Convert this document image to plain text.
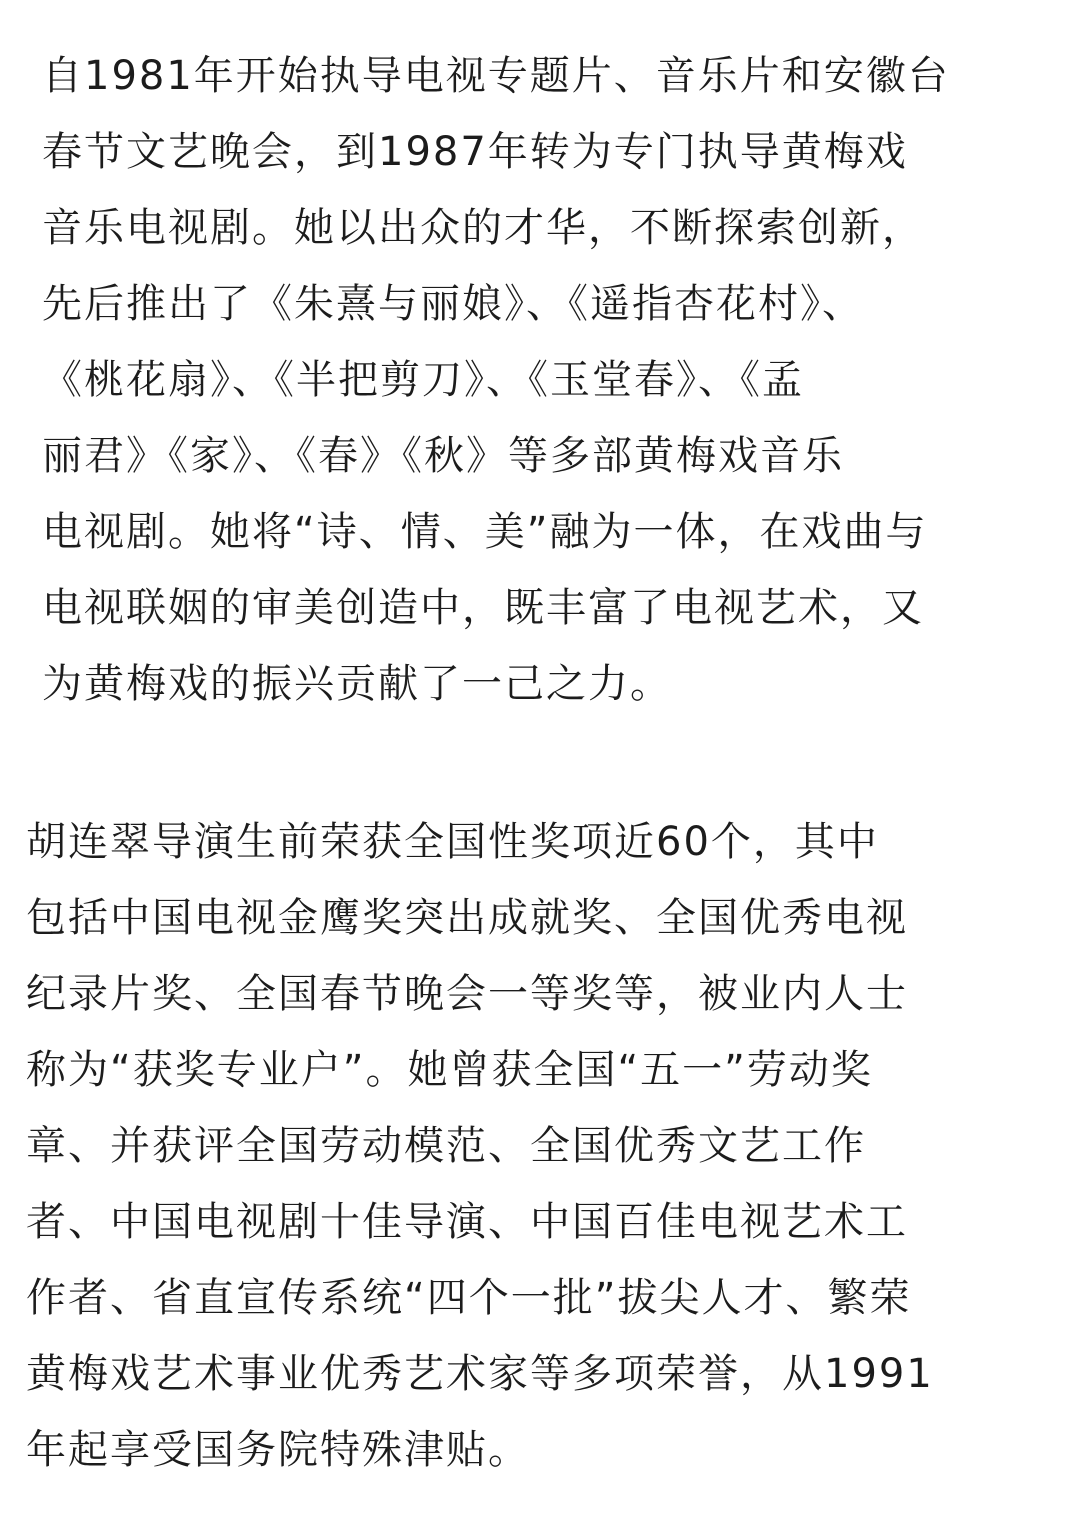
自1981年开始执导电视专题片、音乐片和安徽台
春节文艺晚会，到1987年转为专门执导黄梅戏
音乐电视剧。她以出众的才华，不断探索创新，
先后推出了《朱熹与丽娘》、《遥指杏花村》、
《桃花扇》、《半把剪刀》、《玉堂春》、《孟
丽君》《家》、《春》《秋》等多部黄梅戏音乐
电视剧。她将“诗、情、美”融为一体，在戏曲与
电视联姻的审美创造中，既丰富了电视艺术，又
为黄梅戏的振兴贡献了一己之力。
胡连翠导演生前荣获全国性奖项近60个，其中
包括中国电视金鹰奖突出成就奖、全国优秀电视
纪录片奖、全国春节晚会一等奖等，被业内人士
称为“获奖专业户”。她曾获全国“五一”劳动奖
章、并获评全国劳动模范、全国优秀文艺工作
者、中国电视剧十佳导演、中国百佳电视艺术工
作者、省直宣传系统“四个一批”拔尖人才、繁荣
黄梅戏艺术事业优秀艺术家等多项荣誉，从1991
年起享受国务院特殊津贴。
